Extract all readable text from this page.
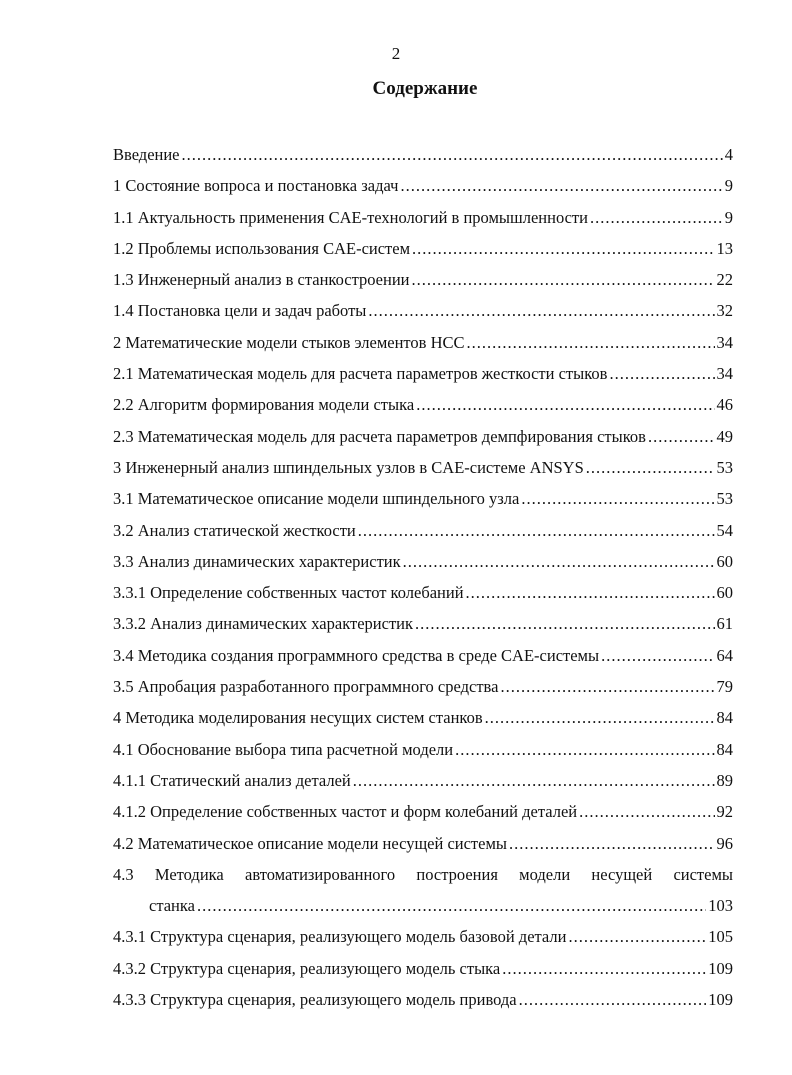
2
Содержание
Введение .....	4
1 Состояние вопроса и постановка задач .....	9
1.1 Актуальность применения CAE-технологий в промышленности .....	9
1.2 Проблемы использования CAE-систем .....	13
1.3 Инженерный анализ в станкостроении .....	22
1.4 Постановка цели и задач работы .....	32
2 Математические модели стыков элементов НСС .....	34
2.1 Математическая модель для расчета параметров жесткости стыков .....	34
2.2 Алгоритм формирования модели стыка .....	46
2.3 Математическая модель для расчета параметров демпфирования стыков .....	49
3 Инженерный анализ шпиндельных узлов в CAE-системе ANSYS .....	53
3.1 Математическое описание модели шпиндельного узла .....	53
3.2 Анализ статической жесткости .....	54
3.3 Анализ динамических характеристик .....	60
3.3.1 Определение собственных частот колебаний .....	60
3.3.2 Анализ динамических характеристик .....	61
3.4 Методика создания программного средства в среде CAE-системы .....	64
3.5 Апробация разработанного программного средства .....	79
4 Методика моделирования несущих систем станков .....	84
4.1 Обоснование выбора типа расчетной модели .....	84
4.1.1 Статический анализ деталей .....	89
4.1.2 Определение собственных частот и форм колебаний деталей .....	92
4.2 Математическое описание модели несущей системы .....	96
4.3 Методика автоматизированного построения модели несущей системы
станка .....	103
4.3.1 Структура сценария, реализующего модель базовой детали .....	105
4.3.2 Структура сценария, реализующего модель стыка .....	109
4.3.3 Структура сценария, реализующего модель привода .....	109
